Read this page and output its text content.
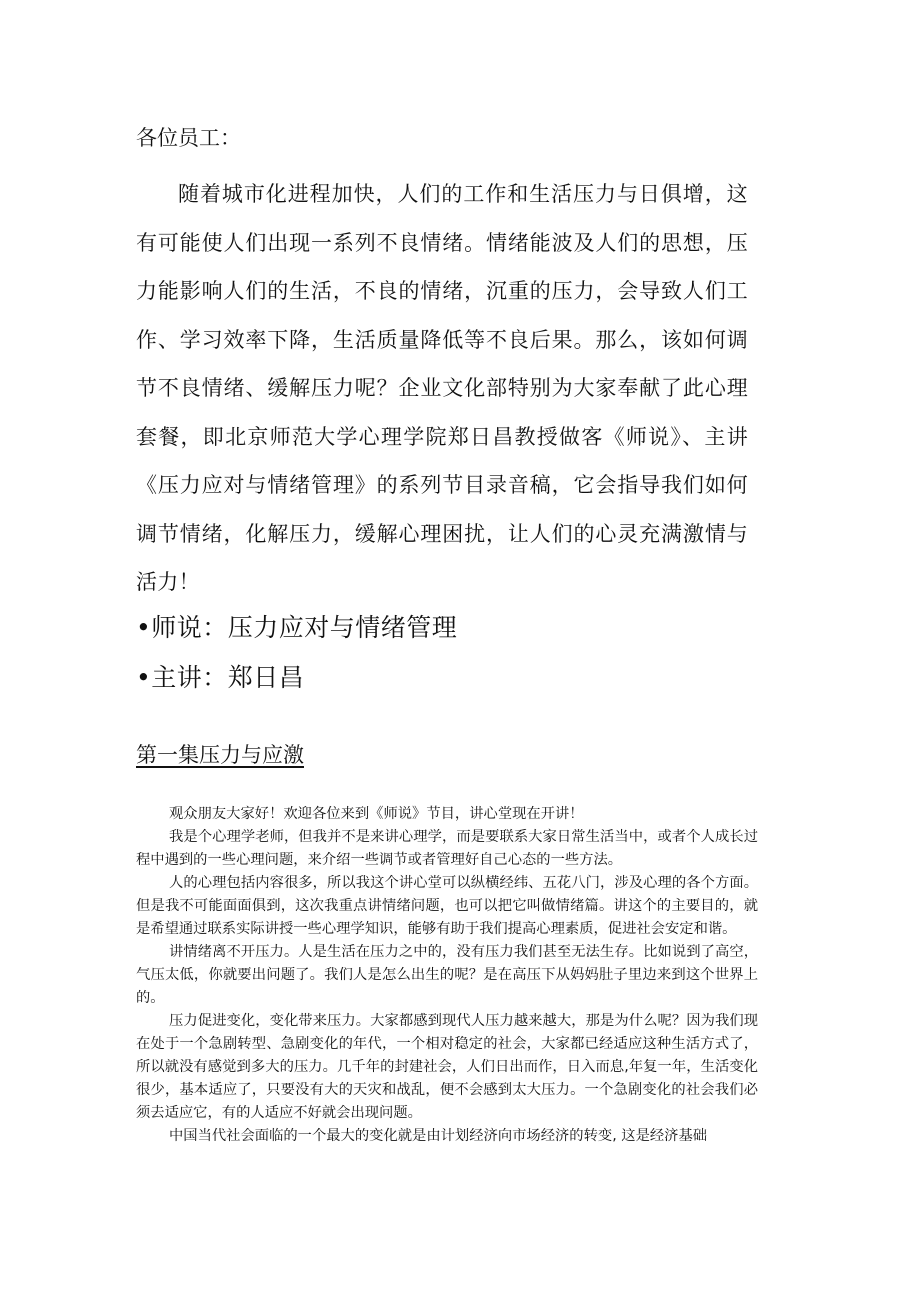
各位员工：

随着城市化进程加快，人们的工作和生活压力与日俱增，这有可能使人们出现一系列不良情绪。情绪能波及人们的思想，压力能影响人们的生活，不良的情绪，沉重的压力，会导致人们工作、学习效率下降，生活质量降低等不良后果。那么，该如何调节不良情绪、缓解压力呢？企业文化部特别为大家奉献了此心理套餐，即北京师范大学心理学院郑日昌教授做客《师说》、主讲《压力应对与情绪管理》的系列节目录音稿，它会指导我们如何调节情绪，化解压力，缓解心理困扰，让人们的心灵充满激情与活力！

•师说：压力应对与情绪管理
•主讲：郑日昌
第一集压力与应激

观众朋友大家好！欢迎各位来到《师说》节目，讲心堂现在开讲！

我是个心理学老师，但我并不是来讲心理学，而是要联系大家日常生活当中，或者个人成长过程中遇到的一些心理问题，来介绍一些调节或者管理好自己心态的一些方法。

人的心理包括内容很多，所以我这个讲心堂可以纵横经纬、五花八门，涉及心理的各个方面。但是我不可能面面俱到，这次我重点讲情绪问题，也可以把它叫做情绪篇。讲这个的主要目的，就是希望通过联系实际讲授一些心理学知识，能够有助于我们提高心理素质，促进社会安定和谐。

讲情绪离不开压力。人是生活在压力之中的，没有压力我们甚至无法生存。比如说到了高空，气压太低，你就要出问题了。我们人是怎么出生的呢？是在高压下从妈妈肚子里边来到这个世界上的。

压力促进变化，变化带来压力。大家都感到现代人压力越来越大，那是为什么呢？因为我们现在处于一个急剧转型、急剧变化的年代，一个相对稳定的社会，大家都已经适应这种生活方式了，所以就没有感觉到多大的压力。几千年的封建社会，人们日出而作，日入而息,年复一年，生活变化很少，基本适应了，只要没有大的天灾和战乱，便不会感到太大压力。一个急剧变化的社会我们必须去适应它，有的人适应不好就会出现问题。

中国当代社会面临的一个最大的变化就是由计划经济向市场经济的转变, 这是经济基础
